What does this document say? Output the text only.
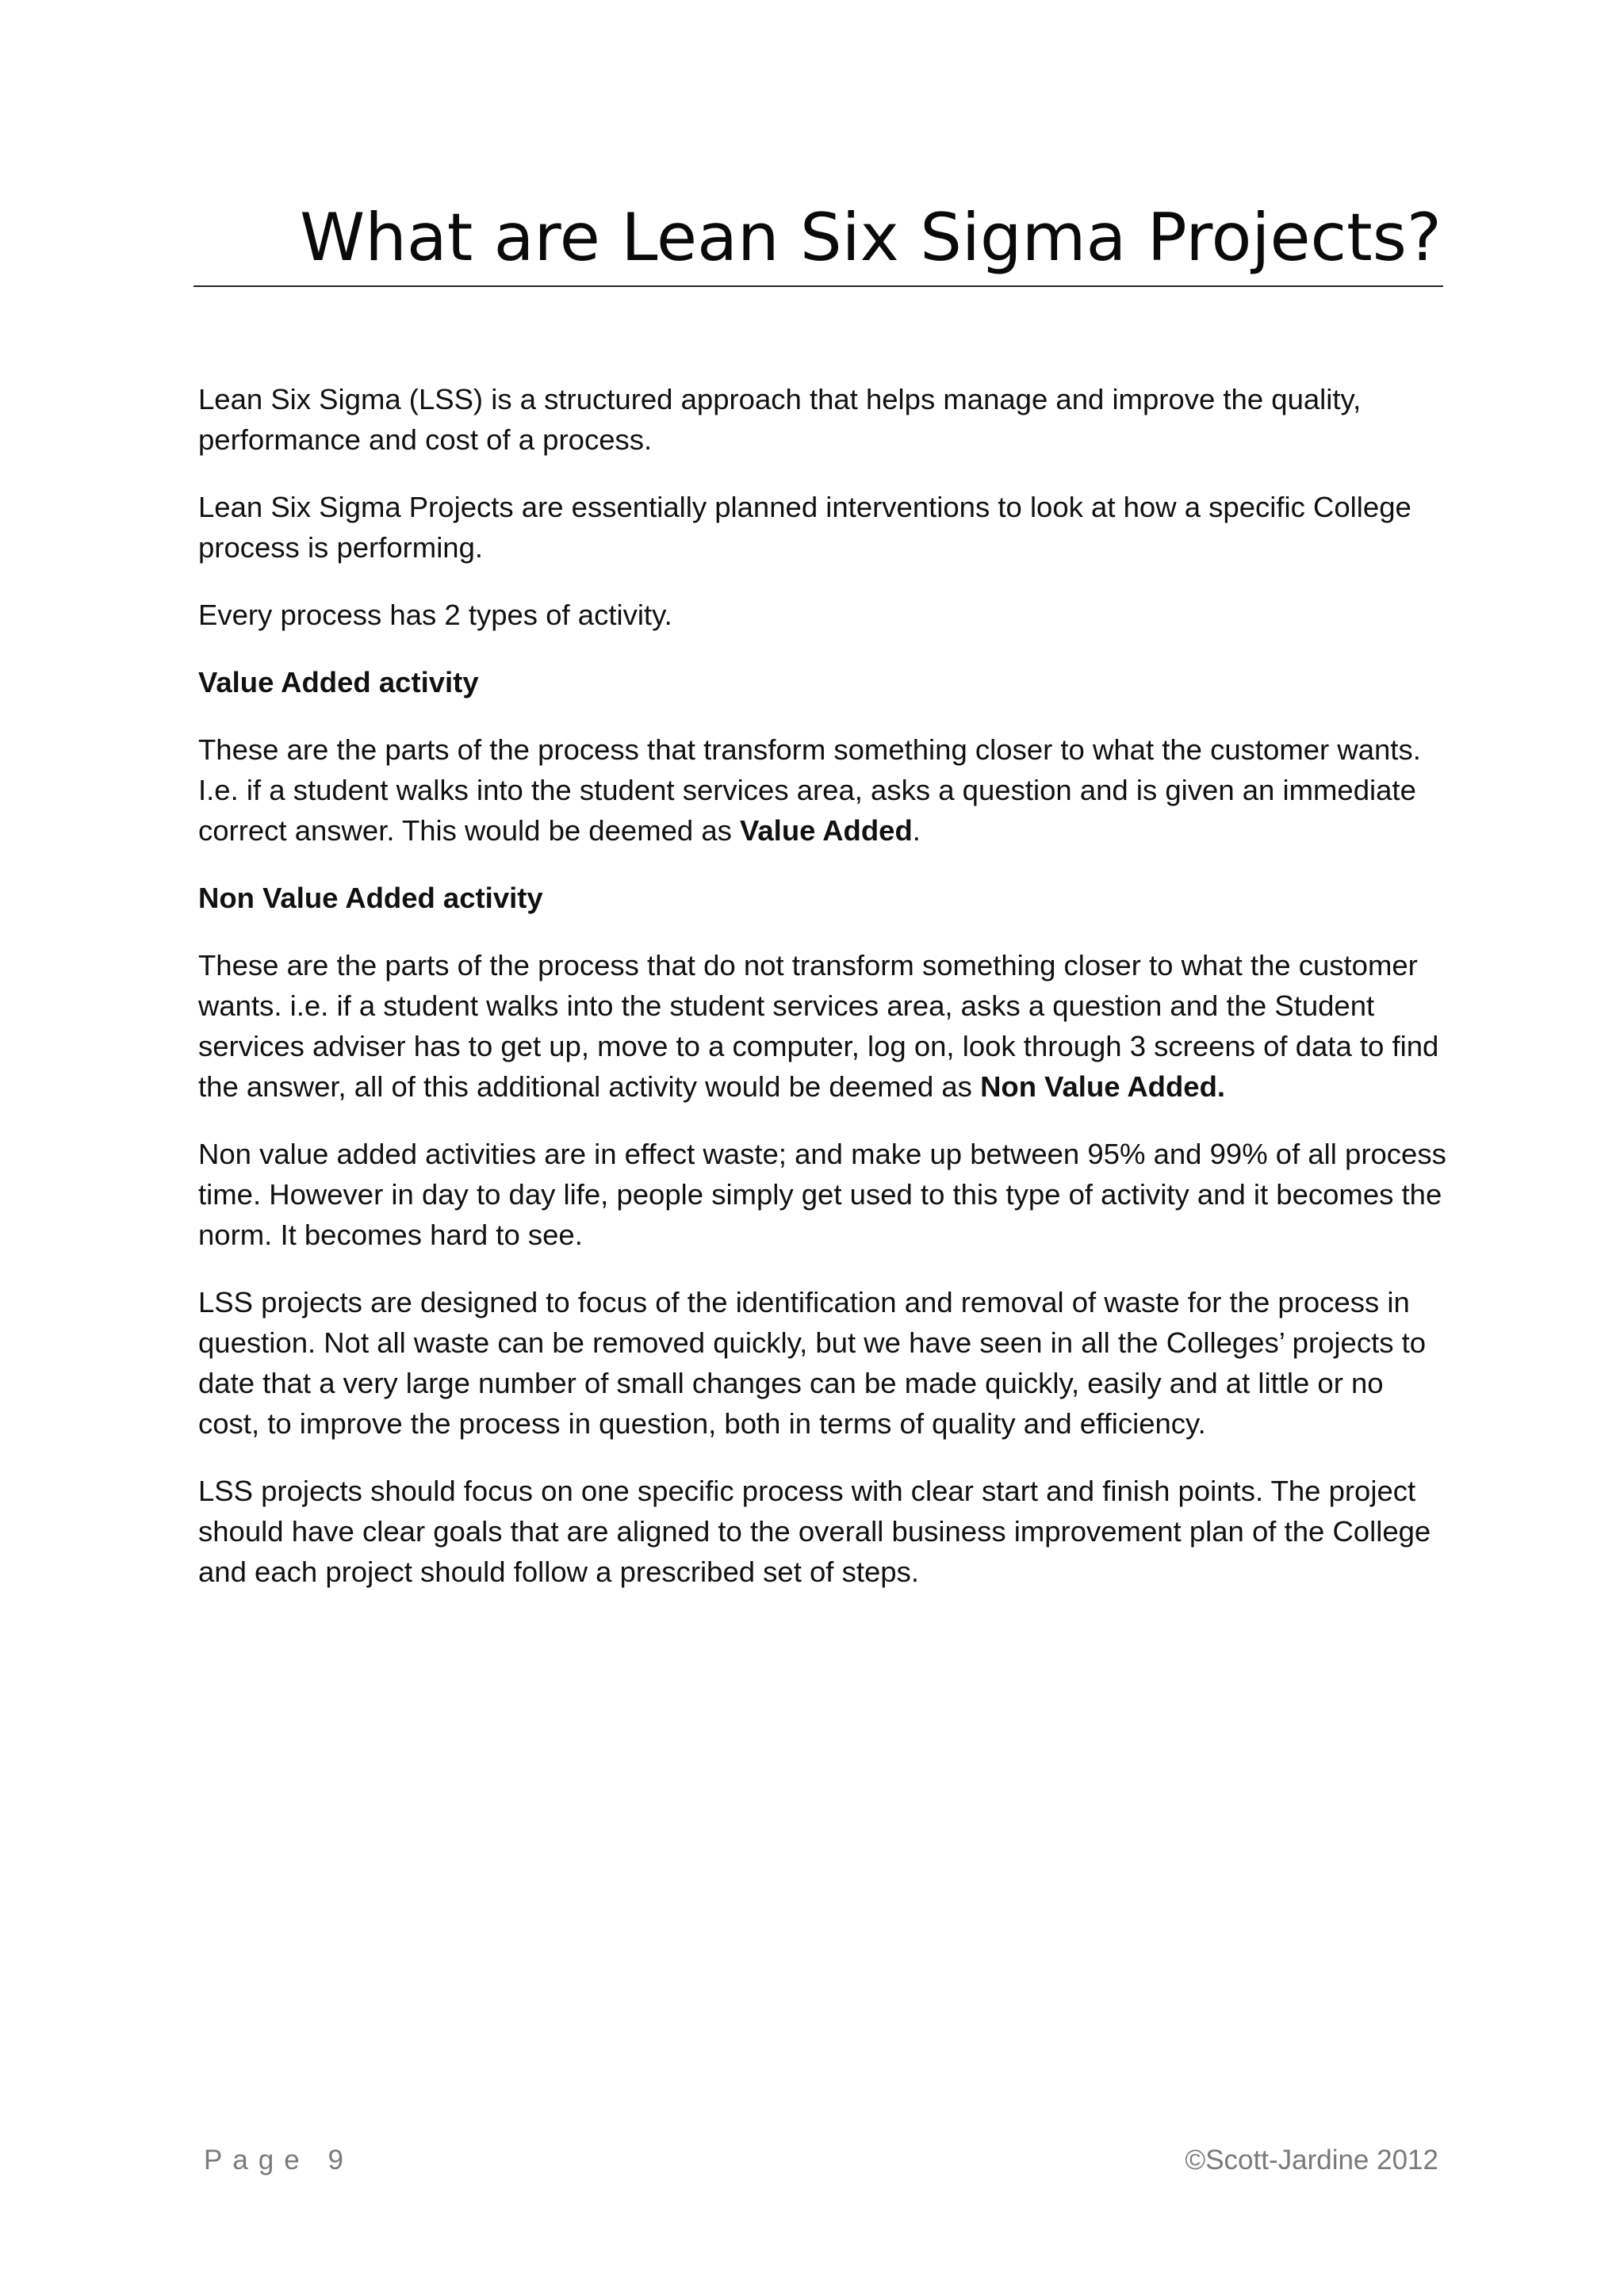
What are Lean Six Sigma Projects?

Lean Six Sigma (LSS) is a structured approach that helps manage and improve the quality, performance and cost of a process.

Lean Six Sigma Projects are essentially planned interventions to look at how a specific College process is performing.

Every process has 2 types of activity.

Value Added activity

These are the parts of the process that transform something closer to what the customer wants. I.e. if a student walks into the student services area, asks a question and is given an immediate correct answer. This would be deemed as Value Added.

Non Value Added activity

These are the parts of the process that do not transform something closer to what the customer wants. i.e. if a student walks into the student services area, asks a question and the Student services adviser has to get up, move to a computer, log on, look through 3 screens of data to find the answer, all of this additional activity would be deemed as Non Value Added.

Non value added activities are in effect waste; and make up between 95% and 99% of all process time. However in day to day life, people simply get used to this type of activity and it becomes the norm. It becomes hard to see.

LSS projects are designed to focus of the identification and removal of waste for the process in question. Not all waste can be removed quickly, but we have seen in all the Colleges’ projects to date that a very large number of small changes can be made quickly, easily and at little or no cost, to improve the process in question, both in terms of quality and efficiency.

LSS projects should focus on one specific process with clear start and finish points. The project should have clear goals that are aligned to the overall business improvement plan of the College and each project should follow a prescribed set of steps.

Page 9	©Scott-Jardine 2012
